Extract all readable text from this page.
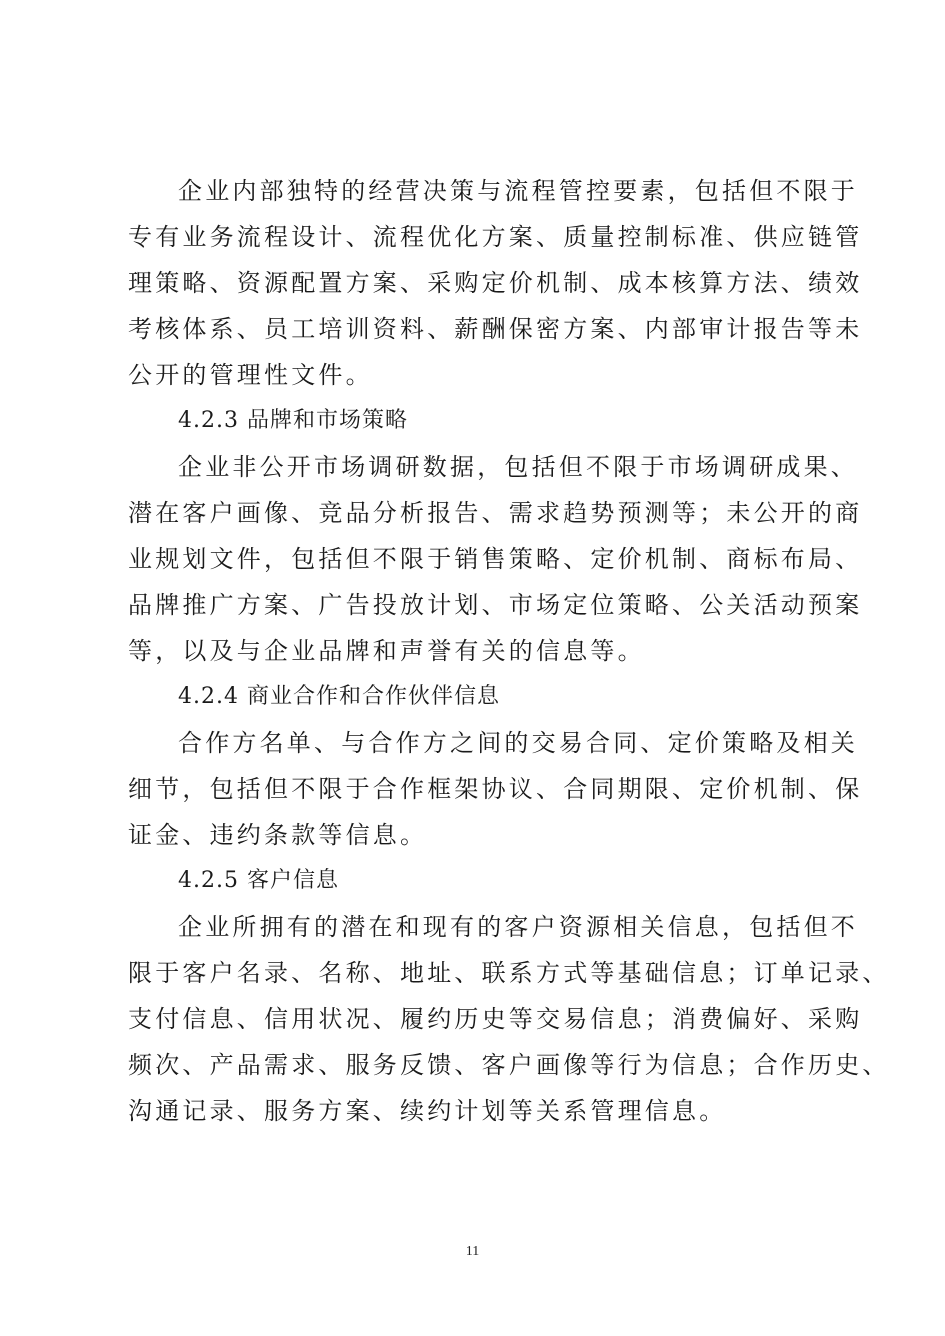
企业内部独特的经营决策与流程管控要素，包括但不限于
专有业务流程设计、流程优化方案、质量控制标准、供应链管
理策略、资源配置方案、采购定价机制、成本核算方法、绩效
考核体系、员工培训资料、薪酬保密方案、内部审计报告等未
公开的管理性文件。
4.2.3 品牌和市场策略
企业非公开市场调研数据，包括但不限于市场调研成果、
潜在客户画像、竞品分析报告、需求趋势预测等；未公开的商
业规划文件，包括但不限于销售策略、定价机制、商标布局、
品牌推广方案、广告投放计划、市场定位策略、公关活动预案
等，以及与企业品牌和声誉有关的信息等。
4.2.4 商业合作和合作伙伴信息
合作方名单、与合作方之间的交易合同、定价策略及相关
细节，包括但不限于合作框架协议、合同期限、定价机制、保
证金、违约条款等信息。
4.2.5 客户信息
企业所拥有的潜在和现有的客户资源相关信息，包括但不
限于客户名录、名称、地址、联系方式等基础信息；订单记录、
支付信息、信用状况、履约历史等交易信息；消费偏好、采购
频次、产品需求、服务反馈、客户画像等行为信息；合作历史、
沟通记录、服务方案、续约计划等关系管理信息。
11
